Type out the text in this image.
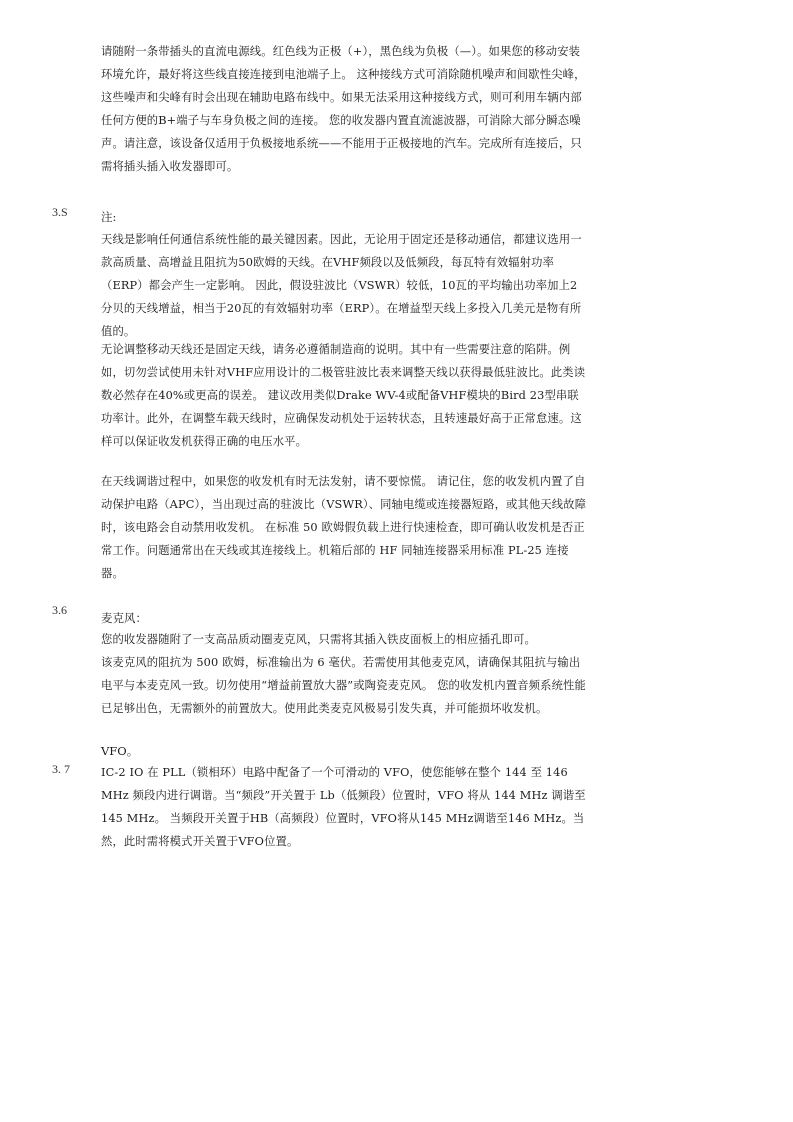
请随附一条带插头的直流电源线。红色线为正极（+），黑色线为负极（—）。如果您的移动安装环境允许，最好将这些线直接连接到电池端子上。 这种接线方式可消除随机噪声和间歇性尖峰，这些噪声和尖峰有时会出现在辅助电路布线中。如果无法采用这种接线方式，则可利用车辆内部任何方便的B+端子与车身负极之间的连接。 您的收发器内置直流滤波器，可消除大部分瞬态噪声。请注意，该设备仅适用于负极接地系统——不能用于正极接地的汽车。完成所有连接后，只需将插头插入收发器即可。

3.S	注:

天线是影响任何通信系统性能的最关键因素。因此，无论用于固定还是移动通信，都建议选用一款高质量、高增益且阻抗为50欧姆的天线。在VHF频段以及低频段，每瓦特有效辐射功率（ERP）都会产生一定影响。 因此，假设驻波比（VSWR）较低，10瓦的平均输出功率加上2分贝的天线增益，相当于20瓦的有效辐射功率（ERP）。在增益型天线上多投入几美元是物有所值的。

无论调整移动天线还是固定天线，请务必遵循制造商的说明。其中有一些需要注意的陷阱。例如，切勿尝试使用未针对VHF应用设计的二极管驻波比表来调整天线以获得最低驻波比。此类读数必然存在40%或更高的误差。 建议改用类似Drake WV-4或配备VHF模块的Bird 23型串联功率计。此外，在调整车载天线时，应确保发动机处于运转状态，且转速最好高于正常怠速。这样可以保证收发机获得正确的电压水平。

在天线调谐过程中，如果您的收发机有时无法发射，请不要惊慌。 请记住，您的收发机内置了自动保护电路（APC），当出现过高的驻波比（VSWR）、同轴电缆或连接器短路，或其他天线故障时，该电路会自动禁用收发机。 在标准 50 欧姆假负载上进行快速检查，即可确认收发机是否正常工作。问题通常出在天线或其连接线上。机箱后部的 HF 同轴连接器采用标准 PL-25 连接器。

3.6
麦克风：

您的收发器随附了一支高品质动圈麦克风，只需将其插入铁皮面板上的相应插孔即可。

该麦克风的阻抗为 500 欧姆，标准输出为 6 毫伏。若需使用其他麦克风，请确保其阻抗与输出电平与本麦克风一致。切勿使用“增益前置放大器”或陶瓷麦克风。 您的收发机内置音频系统性能已足够出色，无需额外的前置放大。使用此类麦克风极易引发失真，并可能损坏收发机。

VFO。
3. 7	IC-2 IO 在 PLL（锁相环）电路中配备了一个可滑动的 VFO，使您能够在整个 144 至 146 MHz 频段内进行调谐。当“频段”开关置于 Lb（低频段）位置时，VFO 将从 144 MHz 调谐至 145 MHz。 当频段开关置于HB（高频段）位置时，VFO将从145 MHz调谐至146 MHz。当然，此时需将模式开关置于VFO位置。
